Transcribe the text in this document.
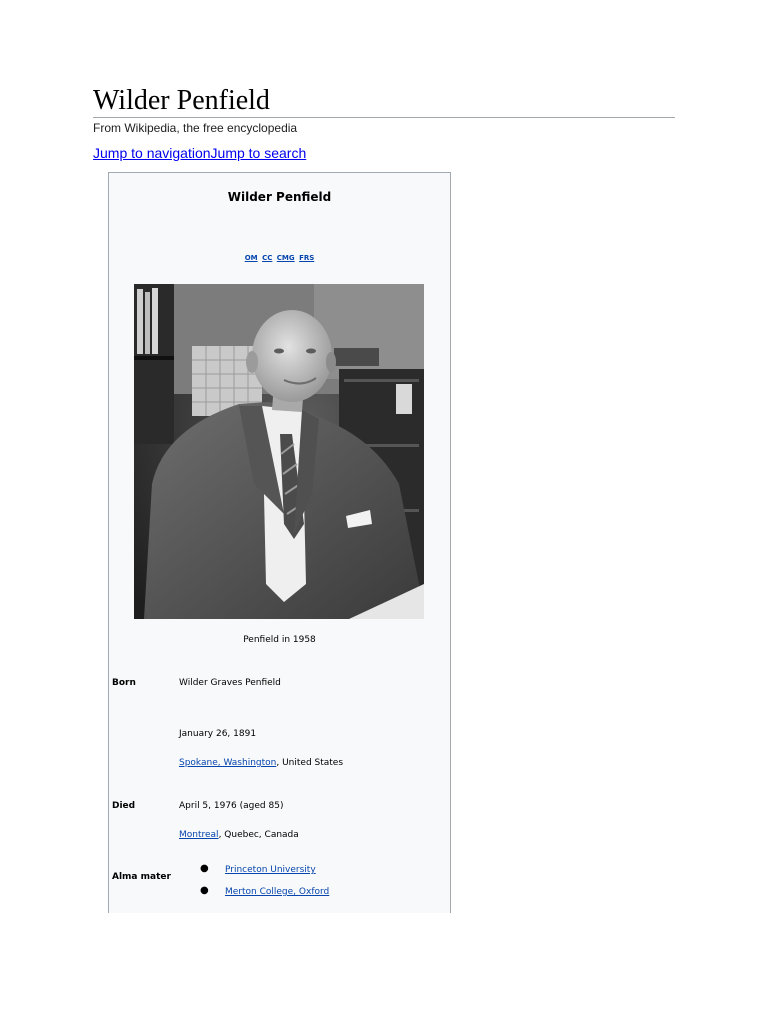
Wilder Penfield
From Wikipedia, the free encyclopedia
Jump to navigationJump to search
Wilder Penfield
OM CC CMG FRS
Penfield in 1958
Born	Wilder Graves Penfield
January 26, 1891
Spokane, Washington, United States
Died	April 5, 1976 (aged 85)
Montreal, Quebec, Canada
Alma mater
● Princeton University
● Merton College, Oxford
